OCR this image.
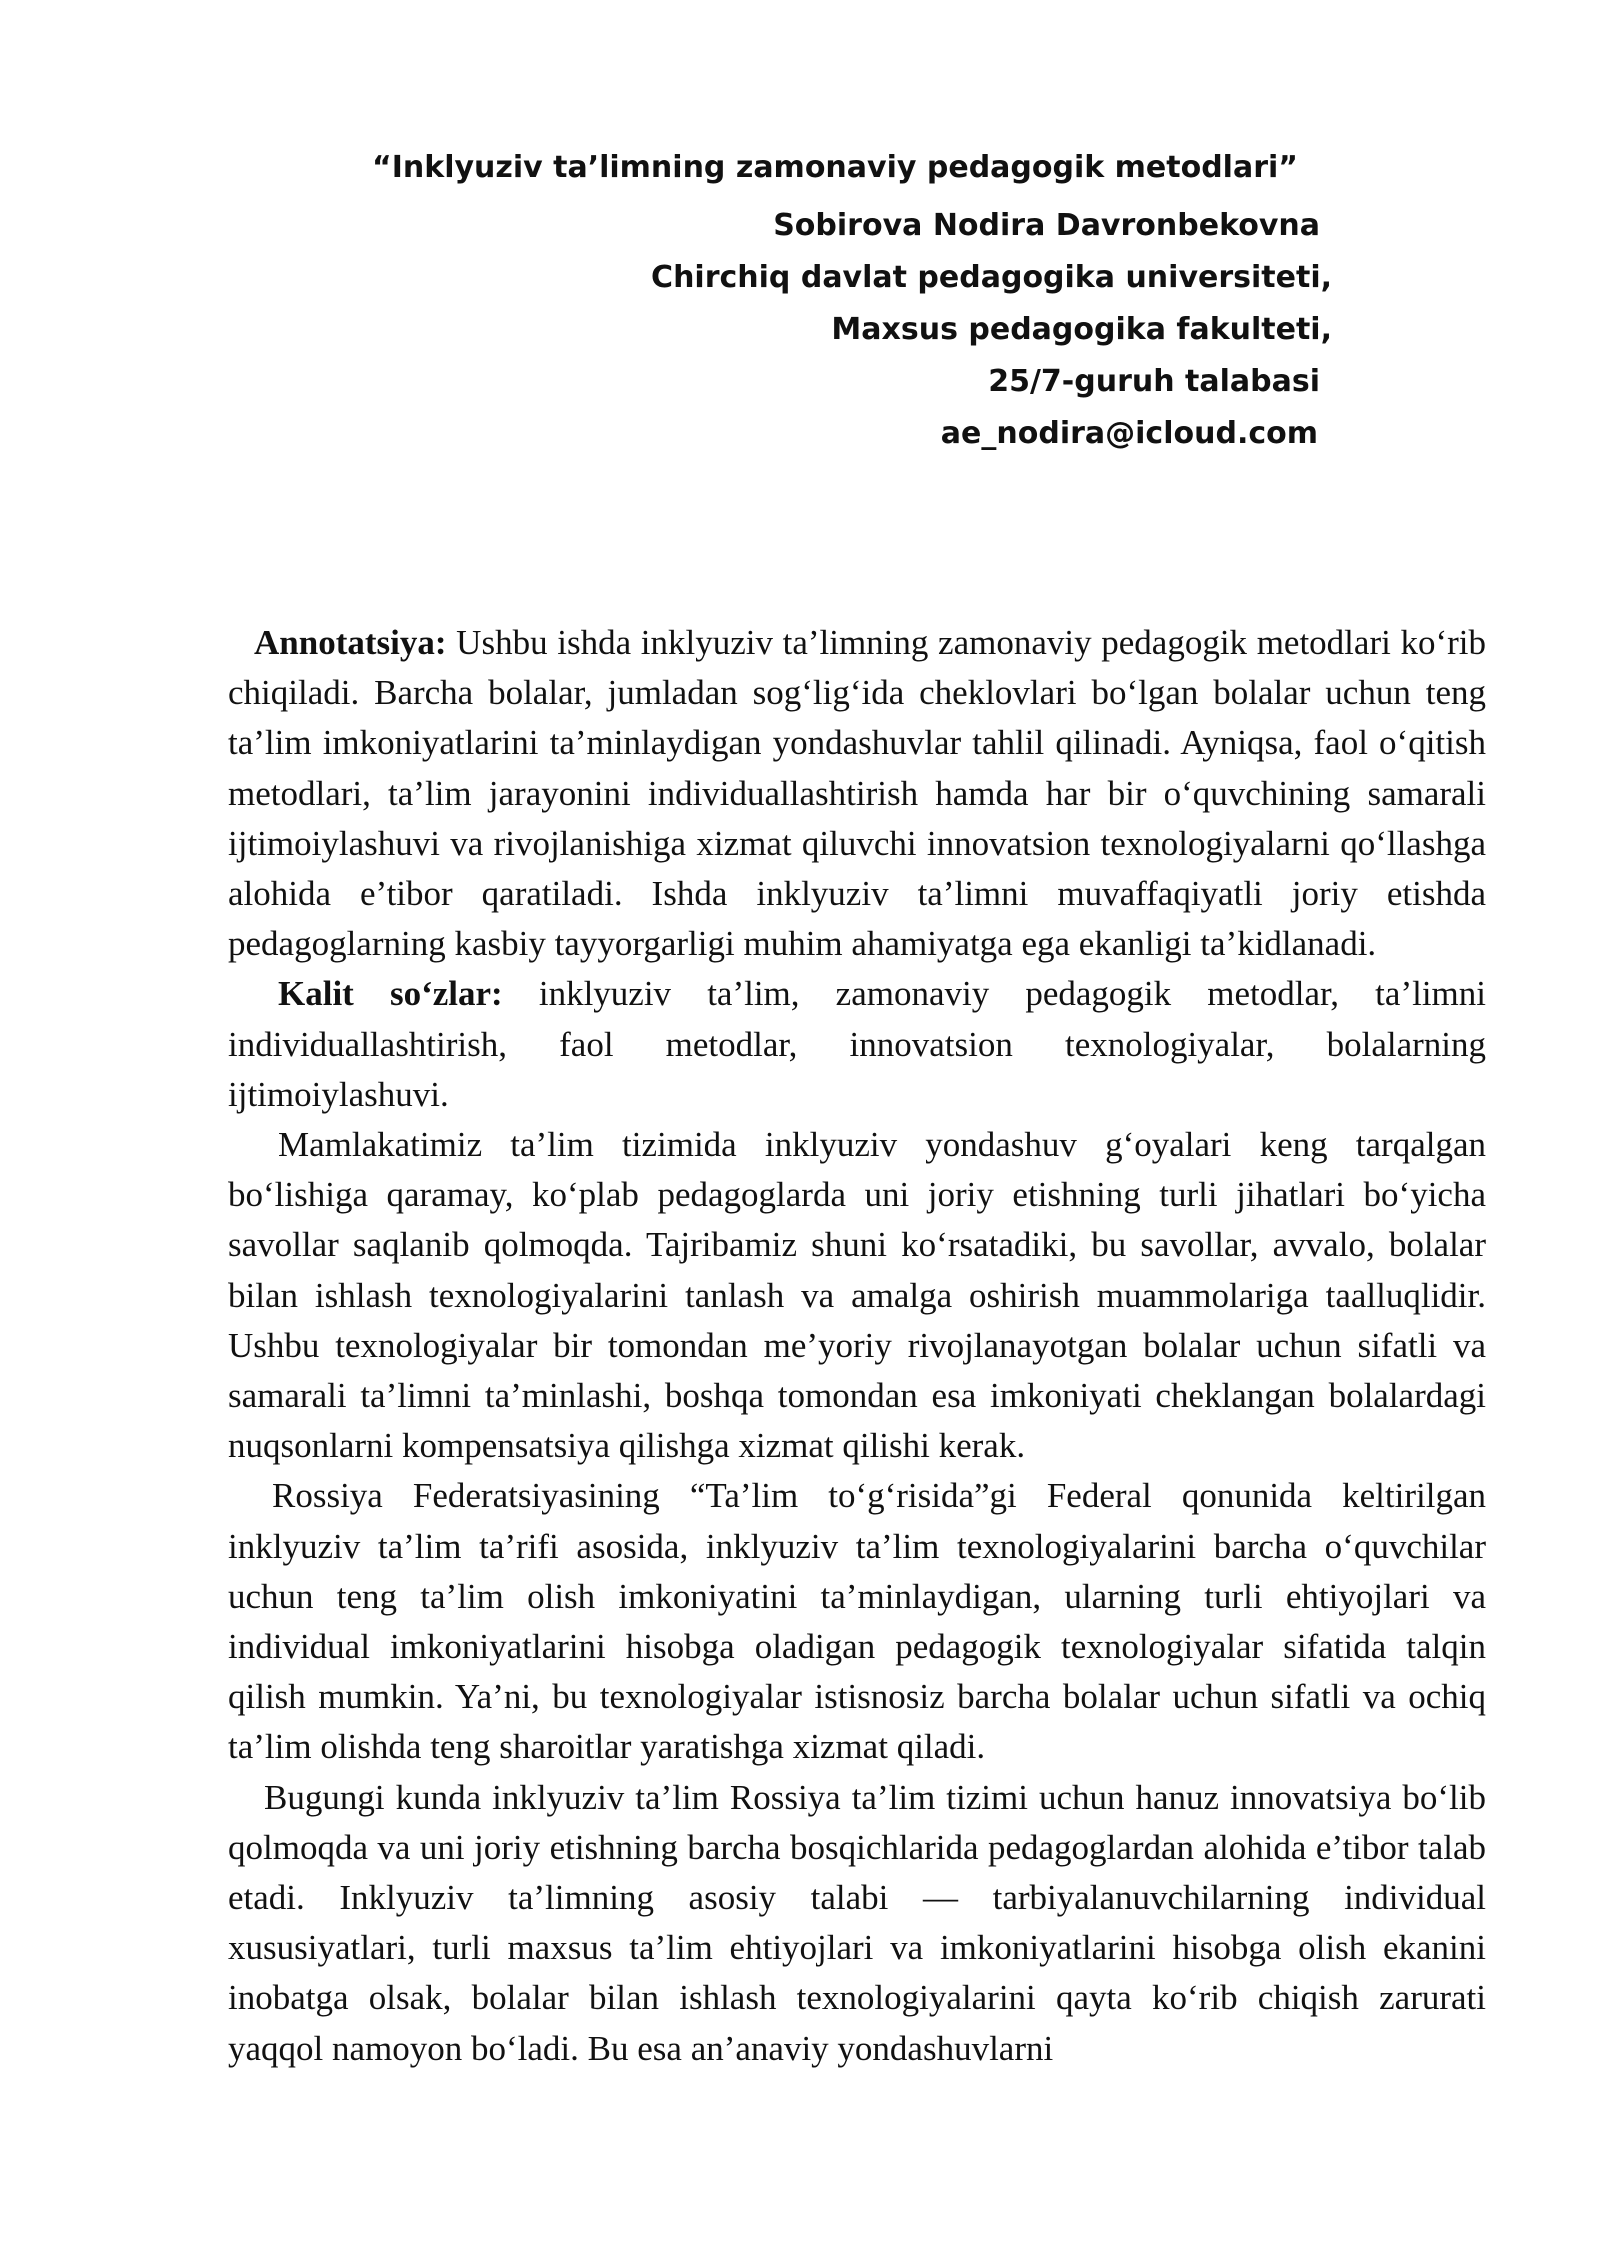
“Inklyuziv ta’limning zamonaviy pedagogik metodlari”
Sobirova Nodira Davronbekovna
Chirchiq davlat pedagogika universiteti,
Maxsus pedagogika fakulteti,
25/7-guruh talabasi
ae_nodira@icloud.com

Annotatsiya: Ushbu ishda inklyuziv ta’limning zamonaviy pedagogik metodlari ko‘rib chiqiladi. Barcha bolalar, jumladan sog‘lig‘ida cheklovlari bo‘lgan bolalar uchun teng ta’lim imkoniyatlarini ta’minlaydigan yondashuvlar tahlil qilinadi. Ayniqsa, faol o‘qitish metodlari, ta’lim jarayonini individuallashtirish hamda har bir o‘quvchining samarali ijtimoiylashuvi va rivojlanishiga xizmat qiluvchi innovatsion texnologiyalarni qo‘llashga alohida e’tibor qaratiladi. Ishda inklyuziv ta’limni muvaffaqiyatli joriy etishda pedagoglarning kasbiy tayyorgarligi muhim ahamiyatga ega ekanligi ta’kidlanadi.

Kalit so‘zlar: inklyuziv ta’lim, zamonaviy pedagogik metodlar, ta’limni individuallashtirish, faol metodlar, innovatsion texnologiyalar, bolalarning ijtimoiylashuvi.

Mamlakatimiz ta’lim tizimida inklyuziv yondashuv g‘oyalari keng tarqalgan bo‘lishiga qaramay, ko‘plab pedagoglarda uni joriy etishning turli jihatlari bo‘yicha savollar saqlanib qolmoqda. Tajribamiz shuni ko‘rsatadiki, bu savollar, avvalo, bolalar bilan ishlash texnologiyalarini tanlash va amalga oshirish muammolariga taalluqlidir. Ushbu texnologiyalar bir tomondan me’yoriy rivojlanayotgan bolalar uchun sifatli va samarali ta’limni ta’minlashi, boshqa tomondan esa imkoniyati cheklangan bolalardagi nuqsonlarni kompensatsiya qilishga xizmat qilishi kerak.

Rossiya Federatsiyasining “Ta’lim to‘g‘risida”gi Federal qonunida keltirilgan inklyuziv ta’lim ta’rifi asosida, inklyuziv ta’lim texnologiyalarini barcha o‘quvchilar uchun teng ta’lim olish imkoniyatini ta’minlaydigan, ularning turli ehtiyojlari va individual imkoniyatlarini hisobga oladigan pedagogik texnologiyalar sifatida talqin qilish mumkin. Ya’ni, bu texnologiyalar istisnosiz barcha bolalar uchun sifatli va ochiq ta’lim olishda teng sharoitlar yaratishga xizmat qiladi.

Bugungi kunda inklyuziv ta’lim Rossiya ta’lim tizimi uchun hanuz innovatsiya bo‘lib qolmoqda va uni joriy etishning barcha bosqichlarida pedagoglardan alohida e’tibor talab etadi. Inklyuziv ta’limning asosiy talabi — tarbiyalanuvchilarning individual xususiyatlari, turli maxsus ta’lim ehtiyojlari va imkoniyatlarini hisobga olish ekanini inobatga olsak, bolalar bilan ishlash texnologiyalarini qayta ko‘rib chiqish zarurati yaqqol namoyon bo‘ladi. Bu esa an’anaviy yondashuvlarni
